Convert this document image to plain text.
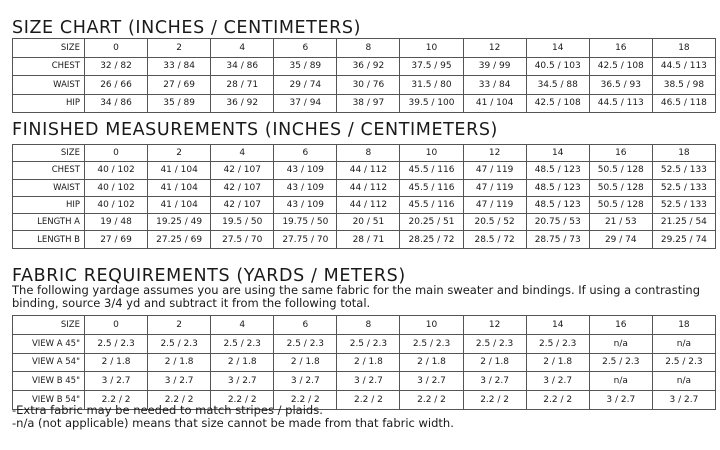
SIZE CHART (INCHES / CENTIMETERS)
SIZE	0	2	4	6	8	10	12	14	16	18
CHEST	32 / 82	33 / 84	34 / 86	35 / 89	36 / 92	37.5 / 95	39 / 99	40.5 / 103	42.5 / 108	44.5 / 113
WAIST	26 / 66	27 / 69	28 / 71	29 / 74	30 / 76	31.5 / 80	33 / 84	34.5 / 88	36.5 / 93	38.5 / 98
HIP	34 / 86	35 / 89	36 / 92	37 / 94	38 / 97	39.5 / 100	41 / 104	42.5 / 108	44.5 / 113	46.5 / 118
FINISHED MEASUREMENTS (INCHES / CENTIMETERS)
SIZE	0	2	4	6	8	10	12	14	16	18
CHEST	40 / 102	41 / 104	42 / 107	43 / 109	44 / 112	45.5 / 116	47 / 119	48.5 / 123	50.5 / 128	52.5 / 133
WAIST	40 / 102	41 / 104	42 / 107	43 / 109	44 / 112	45.5 / 116	47 / 119	48.5 / 123	50.5 / 128	52.5 / 133
HIP	40 / 102	41 / 104	42 / 107	43 / 109	44 / 112	45.5 / 116	47 / 119	48.5 / 123	50.5 / 128	52.5 / 133
LENGTH A	19 / 48	19.25 / 49	19.5 / 50	19.75 / 50	20 / 51	20.25 / 51	20.5 / 52	20.75 / 53	21 / 53	21.25 / 54
LENGTH B	27 / 69	27.25 / 69	27.5 / 70	27.75 / 70	28 / 71	28.25 / 72	28.5 / 72	28.75 / 73	29 / 74	29.25 / 74
FABRIC REQUIREMENTS (YARDS / METERS)

The following yardage assumes you are using the same fabric for the main sweater and bindings. If using a contrasting binding, source 3/4 yd and subtract it from the following total.

SIZE	0	2	4	6	8	10	12	14	16	18
VIEW A 45"	2.5 / 2.3	2.5 / 2.3	2.5 / 2.3	2.5 / 2.3	2.5 / 2.3	2.5 / 2.3	2.5 / 2.3	2.5 / 2.3	n/a	n/a
VIEW A 54"	2 / 1.8	2 / 1.8	2 / 1.8	2 / 1.8	2 / 1.8	2 / 1.8	2 / 1.8	2 / 1.8	2.5 / 2.3	2.5 / 2.3
VIEW B 45"	3 / 2.7	3 / 2.7	3 / 2.7	3 / 2.7	3 / 2.7	3 / 2.7	3 / 2.7	3 / 2.7	n/a	n/a
VIEW B 54"	2.2 / 2	2.2 / 2	2.2 / 2	2.2 / 2	2.2 / 2	2.2 / 2	2.2 / 2	2.2 / 2	3 / 2.7	3 / 2.7

-Extra fabric may be needed to match stripes / plaids.

-n/a (not applicable) means that size cannot be made from that fabric width.
